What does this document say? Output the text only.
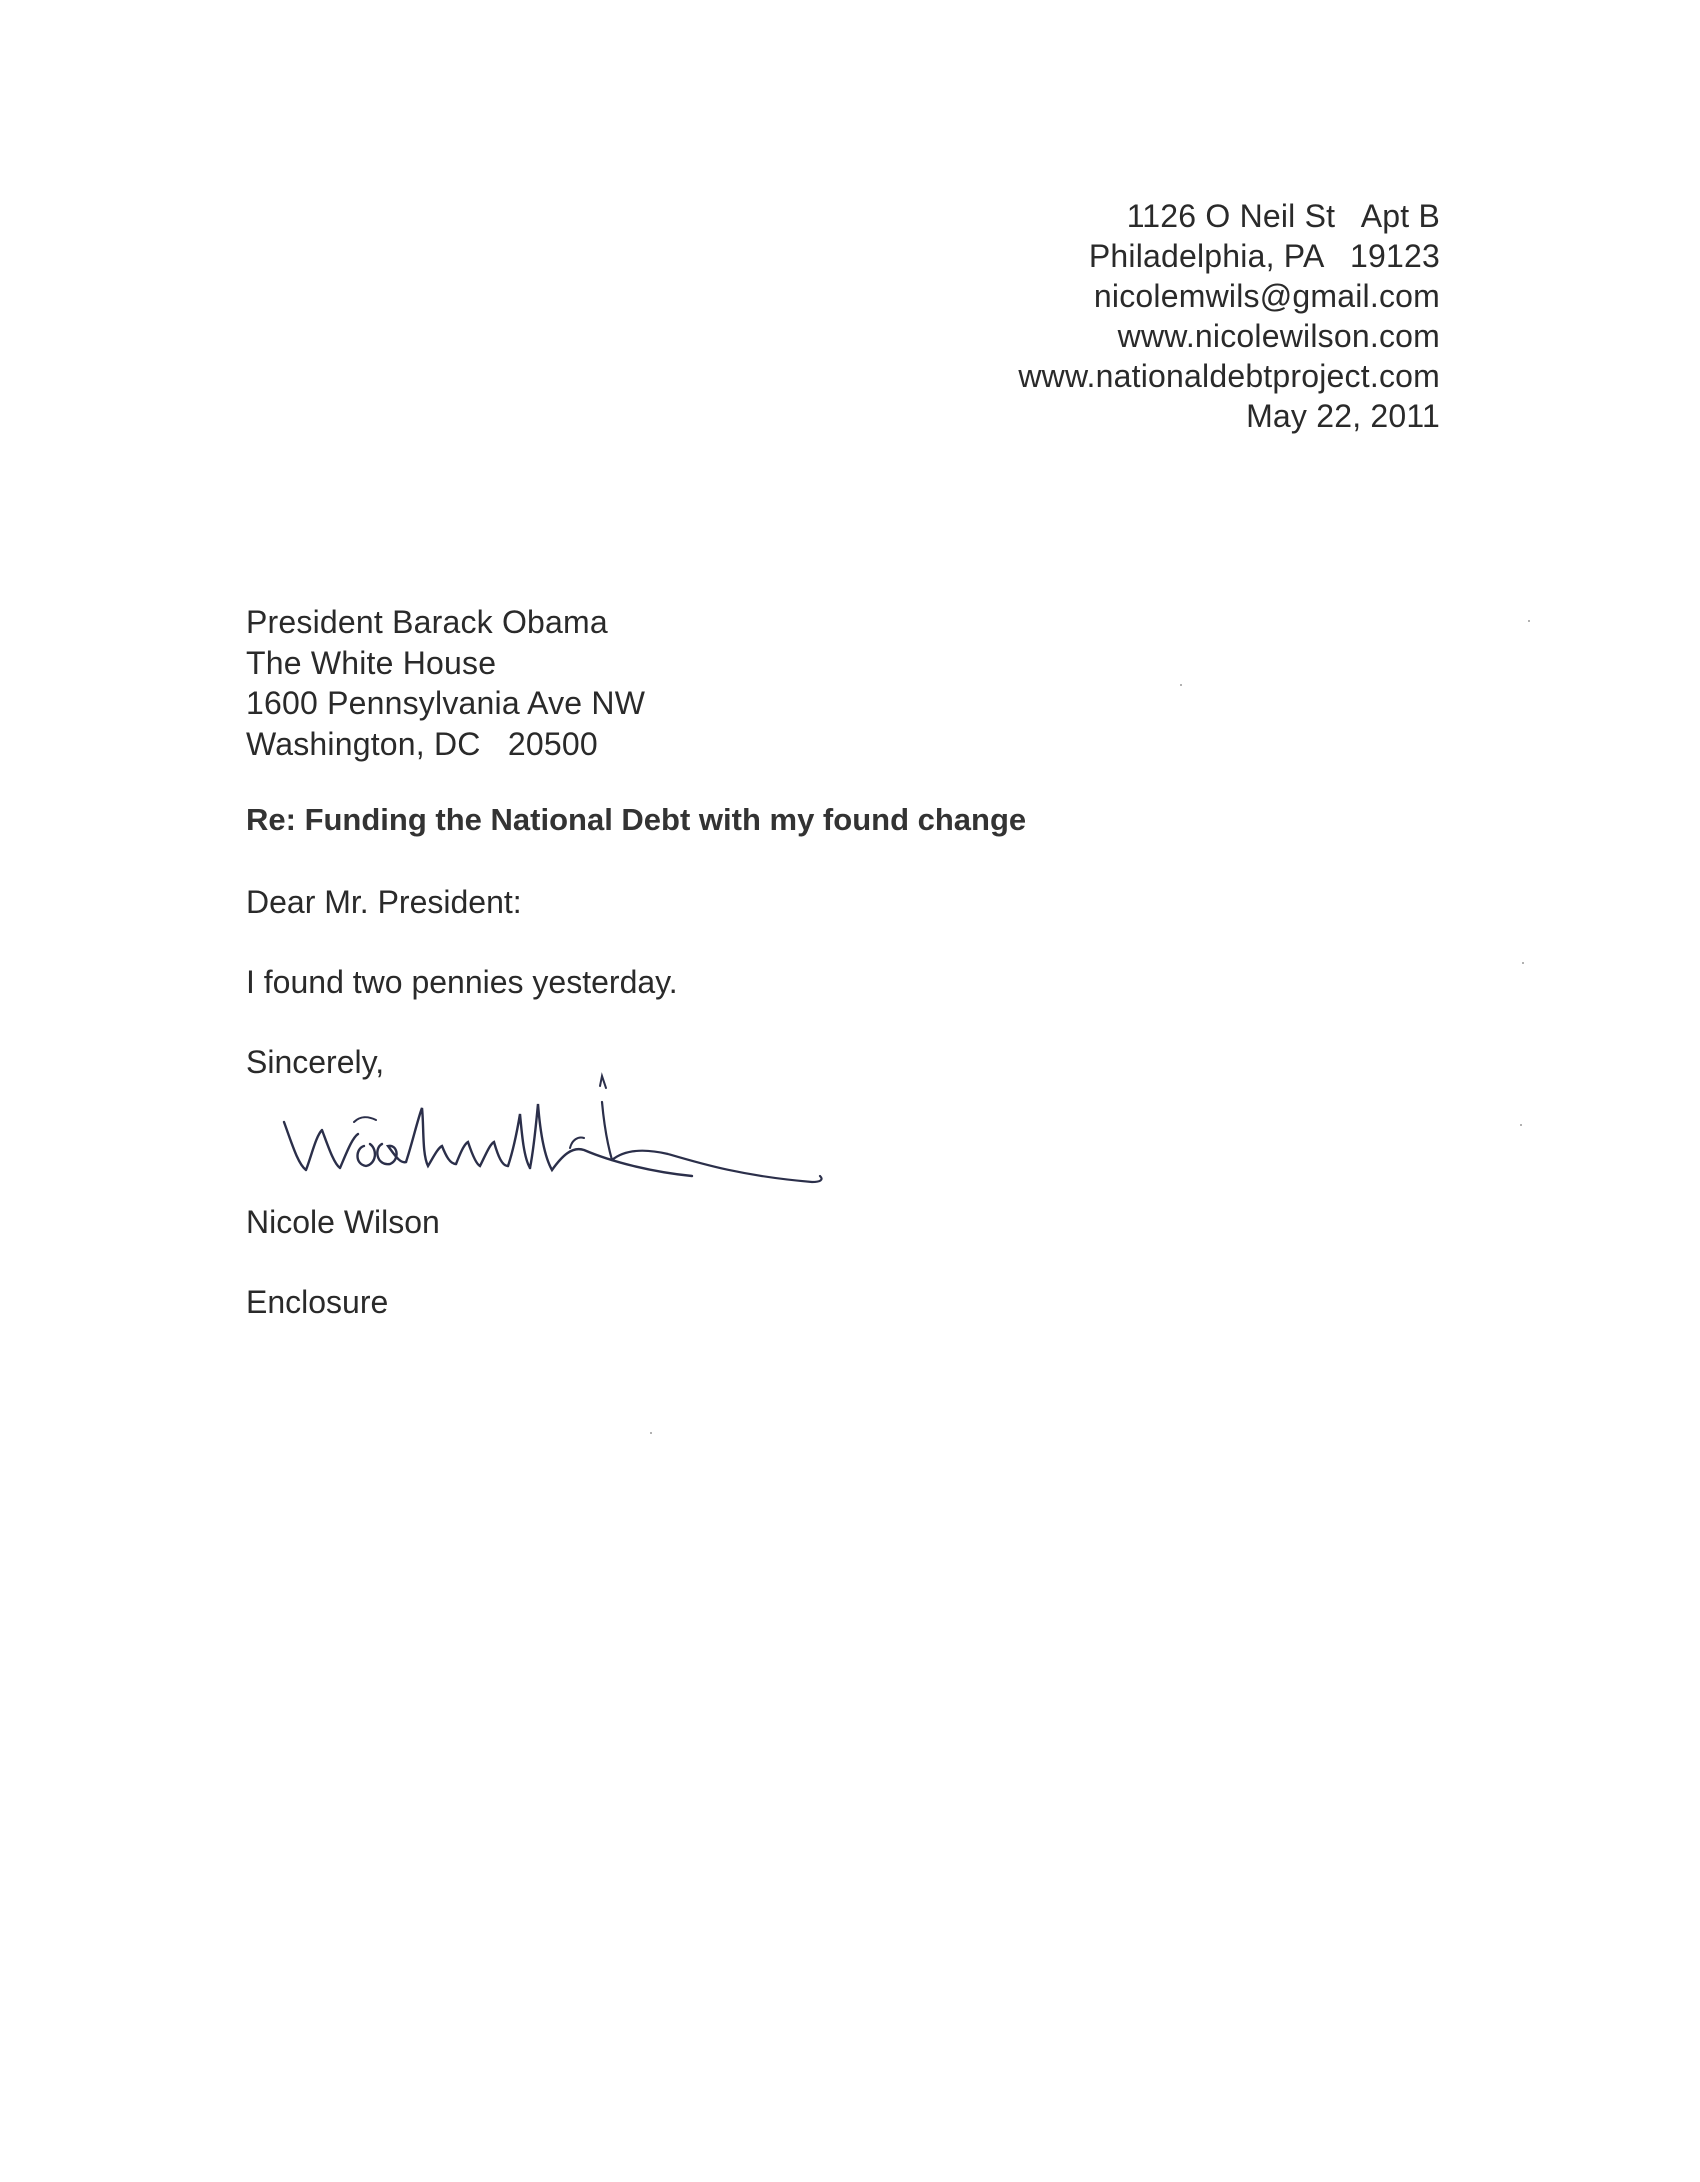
1126 O Neil St   Apt B
Philadelphia, PA   19123
nicolemwils@gmail.com
www.nicolewilson.com
www.nationaldebtproject.com
May 22, 2011
President Barack Obama
The White House
1600 Pennsylvania Ave NW
Washington, DC   20500
Re: Funding the National Debt with my found change
Dear Mr. President:
I found two pennies yesterday.
Sincerely,
Nicole Wilson
Enclosure
